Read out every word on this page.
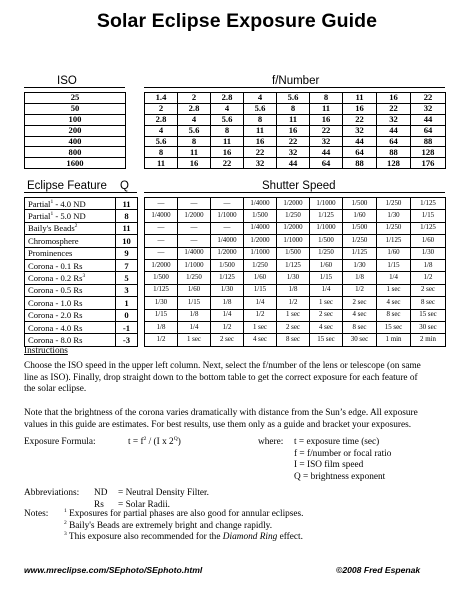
Solar Eclipse Exposure Guide
ISO	f/Number
25		1.4	2	2.8	4	5.6	8	11	16	22
50		2	2.8	4	5.6	8	11	16	22	32
100		2.8	4	5.6	8	11	16	22	32	44
200		4	5.6	8	11	16	22	32	44	64
400		5.6	8	11	16	22	32	44	64	88
800		8	11	16	22	32	44	64	88	128
1600		11	16	22	32	44	64	88	128	176
Eclipse Feature Q	Shutter Speed
Partial$^1$ - 4.0 ND	11		—	—	—	1/4000	1/2000	1/1000	1/500	1/250	1/125
Partial$^1$ - 5.0 ND	8		1/4000	1/2000	1/1000	1/500	1/250	1/125	1/60	1/30	1/15
Baily's Beads$^2$	11		—	—	—	1/4000	1/2000	1/1000	1/500	1/250	1/125
Chromosphere	10		—	—	1/4000	1/2000	1/1000	1/500	1/250	1/125	1/60
Prominences	9		—	1/4000	1/2000	1/1000	1/500	1/250	1/125	1/60	1/30
Corona - 0.1 Rs	7		1/2000	1/1000	1/500	1/250	1/125	1/60	1/30	1/15	1/8
Corona - 0.2 Rs$^3$	5		1/500	1/250	1/125	1/60	1/30	1/15	1/8	1/4	1/2
Corona - 0.5 Rs	3		1/125	1/60	1/30	1/15	1/8	1/4	1/2	1 sec	2 sec
Corona - 1.0 Rs	1		1/30	1/15	1/8	1/4	1/2	1 sec	2 sec	4 sec	8 sec
Corona - 2.0 Rs	0		1/15	1/8	1/4	1/2	1 sec	2 sec	4 sec	8 sec	15 sec
Corona - 4.0 Rs	-1		1/8	1/4	1/2	1 sec	2 sec	4 sec	8 sec	15 sec	30 sec
Corona - 8.0 Rs	-3		1/2	1 sec	2 sec	4 sec	8 sec	15 sec	30 sec	1 min	2 min
Instructions
Choose the ISO speed in the upper left column. Next, select the f/number of the lens or telescope (on same
line as ISO). Finally, drop straight down to the bottom table to get the correct exposure for each feature of
the solar eclipse.
Note that the brightness of the corona varies dramatically with distance from the Sun’s edge. All exposure
values in this guide are estimates. For best results, use them only as a guide and bracket your exposures.
Exposure Formula:	$t = f^2 / (I$ x $2^Q$)	where: t = exposure time (sec)
f = f/number or focal ratio
I = ISO film speed
Q = brightness exponent
Abbreviations: ND = Neutral Density Filter.
Rs = Solar Radii.
Notes:	$^1$ Exposures for partial phases are also good for annular eclipses.
$^2$ Baily's Beads are extremely bright and change rapidly.
$^3$ This exposure also recommended for the Diamond Ring effect.
www.mreclipse.com/SEphoto/SEphoto.html	©2008 Fred Espenak
